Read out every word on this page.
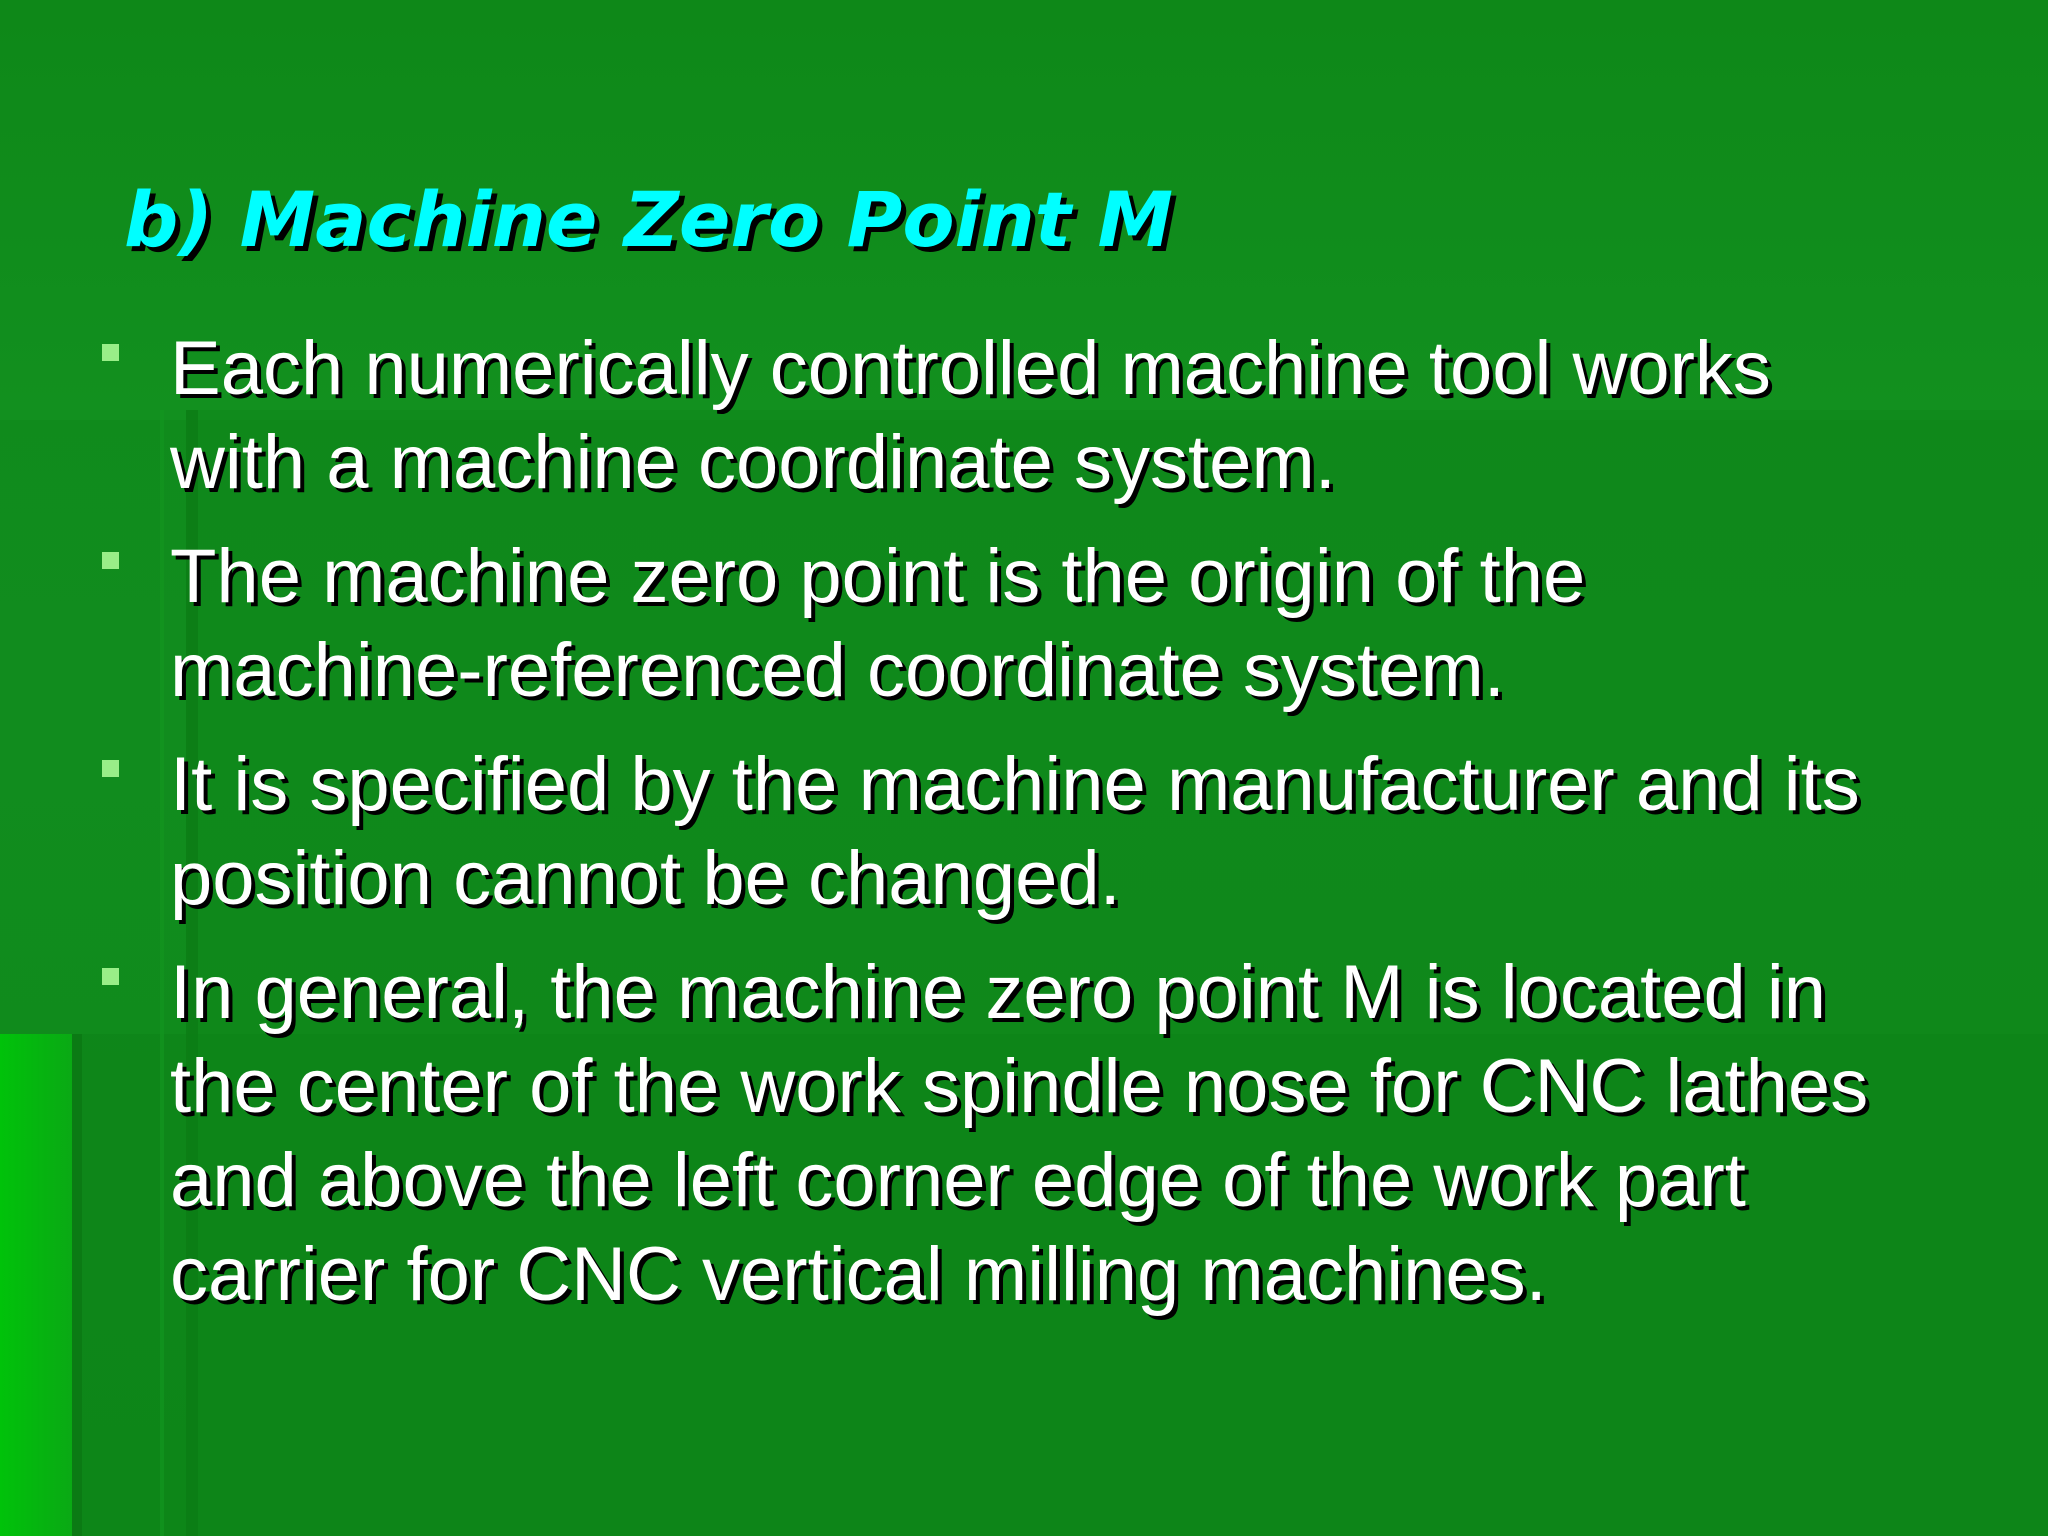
b) Machine Zero Point M
Each numerically controlled machine tool works
with a machine coordinate system.
The machine zero point is the origin of the
machine-referenced coordinate system.
It is specified by the machine manufacturer and its
position cannot be changed.
In general, the machine zero point M is located in
the center of the work spindle nose for CNC lathes
and above the left corner edge of the work part
carrier for CNC vertical milling machines.
